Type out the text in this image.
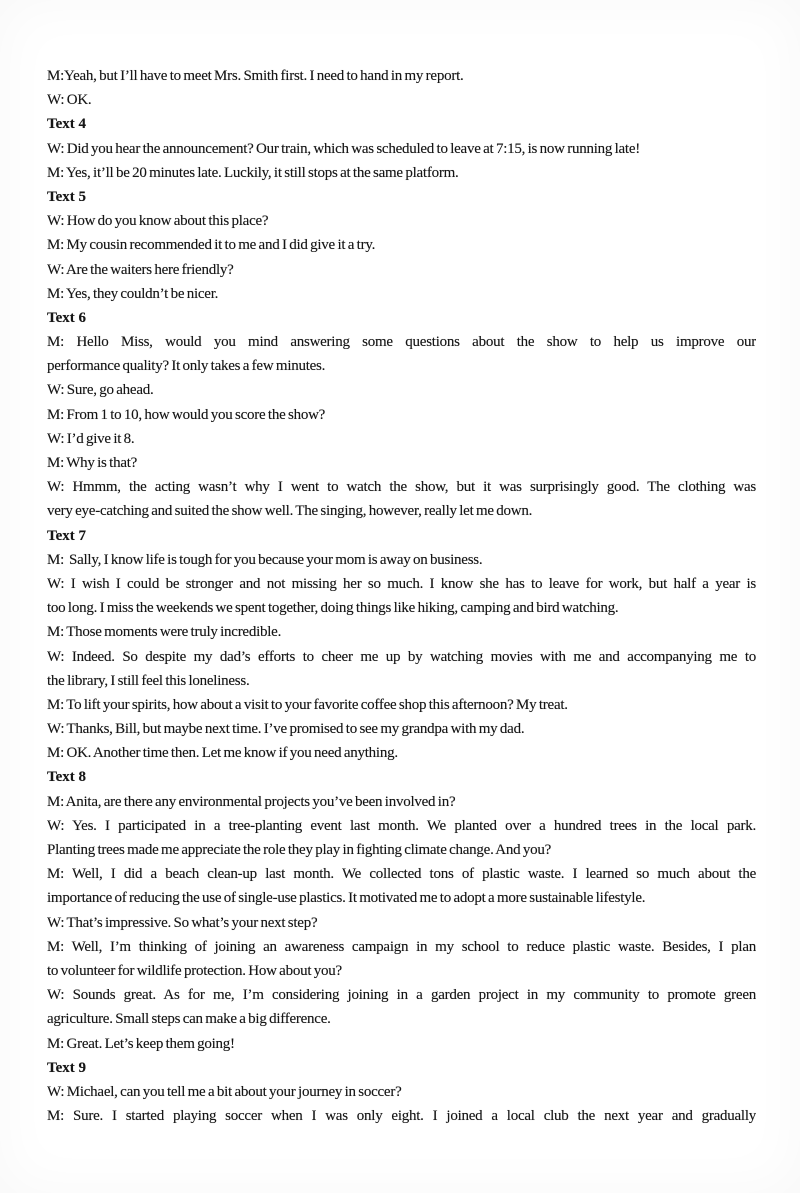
M:Yeah, but I’ll have to meet Mrs. Smith first. I need to hand in my report.
W: OK.
Text 4
W: Did you hear the announcement? Our train, which was scheduled to leave at 7:15, is now running late!
M: Yes, it’ll be 20 minutes late. Luckily, it still stops at the same platform.
Text 5
W: How do you know about this place?
M: My cousin recommended it to me and I did give it a try.
W: Are the waiters here friendly?
M: Yes, they couldn’t be nicer.
Text 6
M: Hello Miss, would you mind answering some questions about the show to help us improve our
performance quality? It only takes a few minutes.
W: Sure, go ahead.
M: From 1 to 10, how would you score the show?
W: I’d give it 8.
M: Why is that?
W: Hmmm, the acting wasn’t why I went to watch the show, but it was surprisingly good. The clothing was
very eye-catching and suited the show well. The singing, however, really let me down.
Text 7
M:  Sally, I know life is tough for you because your mom is away on business.
W: I wish I could be stronger and not missing her so much. I know she has to leave for work, but half a year is
too long. I miss the weekends we spent together, doing things like hiking, camping and bird watching.
M: Those moments were truly incredible.
W: Indeed. So despite my dad’s efforts to cheer me up by watching movies with me and accompanying me to
the library, I still feel this loneliness.
M: To lift your spirits, how about a visit to your favorite coffee shop this afternoon? My treat.
W: Thanks, Bill, but maybe next time. I’ve promised to see my grandpa with my dad.
M: OK. Another time then. Let me know if you need anything.
Text 8
M: Anita, are there any environmental projects you’ve been involved in?
W: Yes. I participated in a tree-planting event last month. We planted over a hundred trees in the local park.
Planting trees made me appreciate the role they play in fighting climate change. And you?
M: Well, I did a beach clean-up last month. We collected tons of plastic waste. I learned so much about the
importance of reducing the use of single-use plastics. It motivated me to adopt a more sustainable lifestyle.
W: That’s impressive. So what’s your next step?
M: Well, I’m thinking of joining an awareness campaign in my school to reduce plastic waste. Besides, I plan
to volunteer for wildlife protection. How about you?
W: Sounds great. As for me, I’m considering joining in a garden project in my community to promote green
agriculture. Small steps can make a big difference.
M: Great. Let’s keep them going!
Text 9
W: Michael, can you tell me a bit about your journey in soccer?
M: Sure. I started playing soccer when I was only eight. I joined a local club the next year and gradually
